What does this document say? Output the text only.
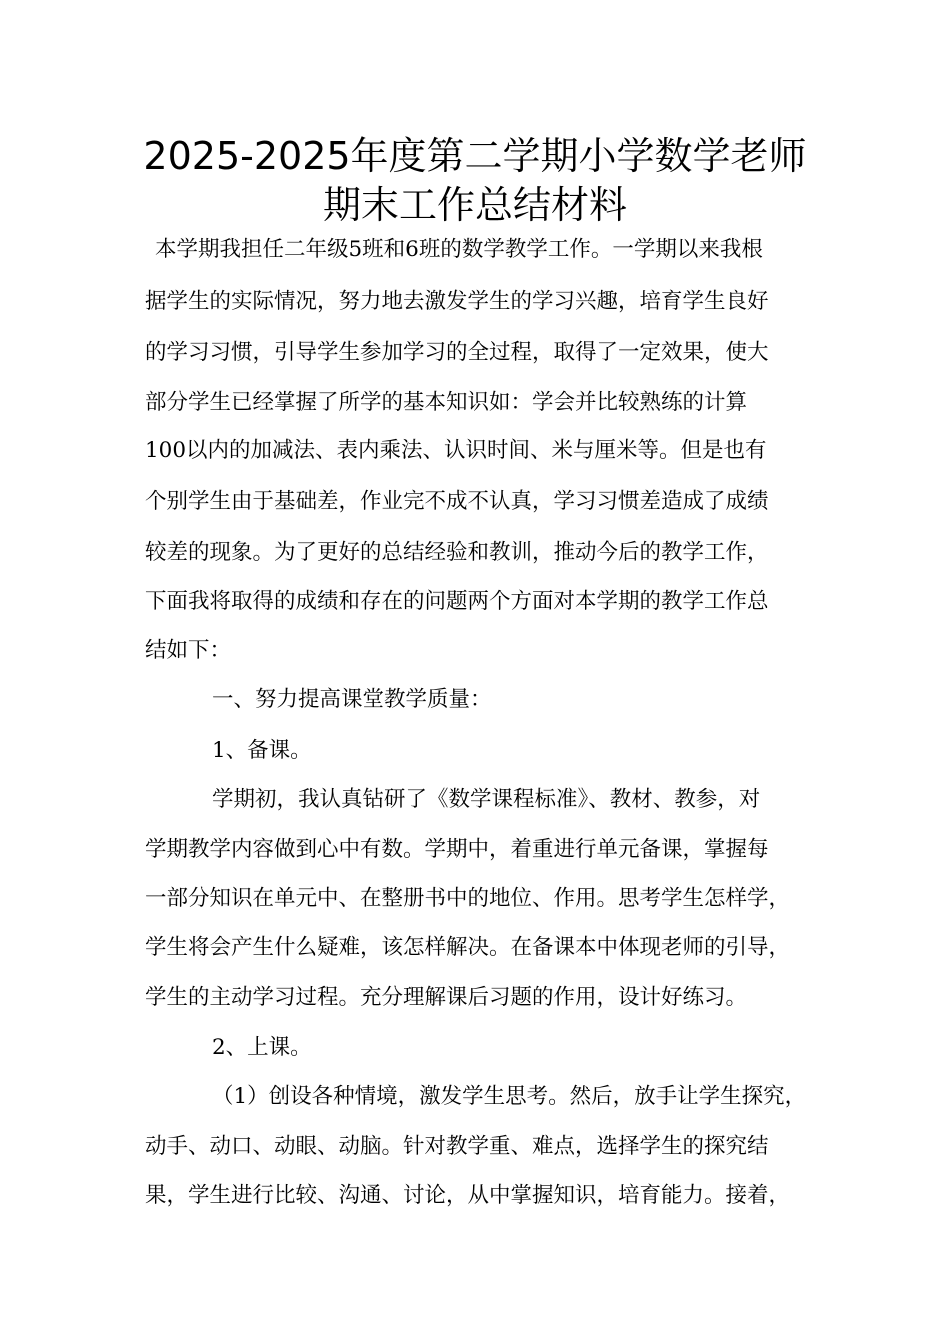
2025-2025年度第二学期小学数学老师
期末工作总结材料
本学期我担任二年级5班和6班的数学教学工作。一学期以来我根
据学生的实际情况，努力地去激发学生的学习兴趣，培育学生良好
的学习习惯，引导学生参加学习的全过程，取得了一定效果，使大
部分学生已经掌握了所学的基本知识如：学会并比较熟练的计算
100以内的加减法、表内乘法、认识时间、米与厘米等。但是也有
个别学生由于基础差，作业完不成不认真，学习习惯差造成了成绩
较差的现象。为了更好的总结经验和教训，推动今后的教学工作，
下面我将取得的成绩和存在的问题两个方面对本学期的教学工作总
结如下：
一、努力提高课堂教学质量：
1、备课。
学期初，我认真钻研了《数学课程标准》、教材、教参，对
学期教学内容做到心中有数。学期中，着重进行单元备课，掌握每
一部分知识在单元中、在整册书中的地位、作用。思考学生怎样学，
学生将会产生什么疑难，该怎样解决。在备课本中体现老师的引导，
学生的主动学习过程。充分理解课后习题的作用，设计好练习。
2、上课。
（1）创设各种情境，激发学生思考。然后，放手让学生探究，
动手、动口、动眼、动脑。针对教学重、难点，选择学生的探究结
果，学生进行比较、沟通、讨论，从中掌握知识，培育能力。接着，
